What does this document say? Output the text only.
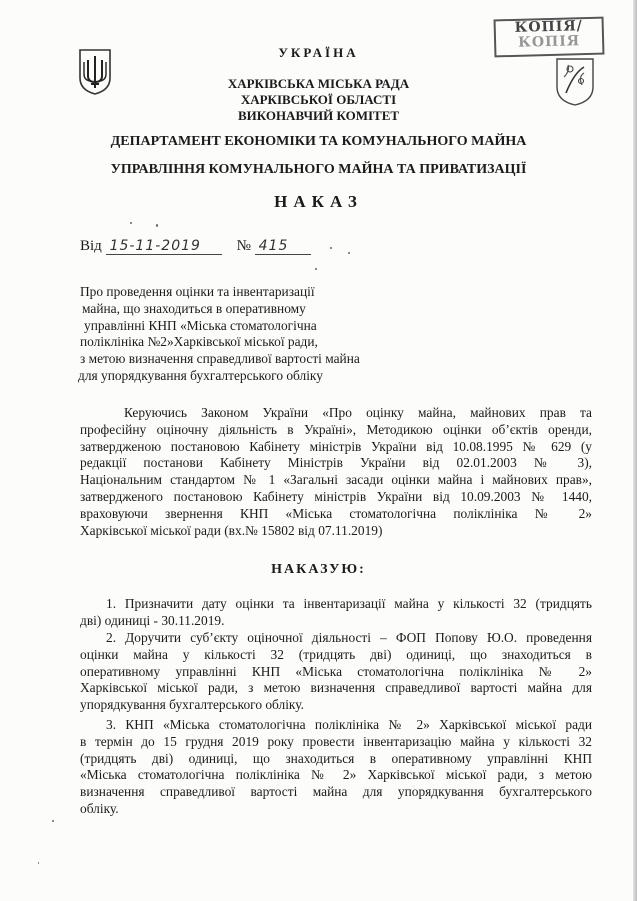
КОПІЯ/
КОПІЯ
УКРАЇНА
ХАРКІВСЬКА МІСЬКА РАДА
ХАРКІВСЬКОЇ ОБЛАСТІ
ВИКОНАВЧИЙ КОМІТЕТ
ДЕПАРТАМЕНТ ЕКОНОМІКИ ТА КОМУНАЛЬНОГО МАЙНА
УПРАВЛІННЯ КОМУНАЛЬНОГО МАЙНА ТА ПРИВАТИЗАЦІЇ
НАКАЗ
Від 15-11-2019 № 415
Про проведення оцінки та інвентаризації
майна, що знаходиться в оперативному
управлінні КНП «Міська стоматологічна
поліклініка №2»Харківської міської ради,
з метою визначення справедливої вартості майна
для упорядкування бухгалтерського обліку
Керуючись Законом України «Про оцінку майна, майнових прав та
професійну оціночну діяльність в Україні», Методикою оцінки об’єктів оренди,
затвердженою постановою Кабінету міністрів України від 10.08.1995 № 629 (у
редакції постанови Кабінету Міністрів України від 02.01.2003 № 3),
Національним стандартом № 1 «Загальні засади оцінки майна і майнових прав»,
затвердженого постановою Кабінету міністрів України від 10.09.2003 № 1440,
враховуючи звернення КНП «Міська стоматологічна поліклініка № 2»
Харківської міської ради (вх.№ 15802 від 07.11.2019)
НАКАЗУЮ:
1. Призначити дату оцінки та інвентаризації майна у кількості 32 (тридцять
дві) одиниці - 30.11.2019.
2. Доручити суб’єкту оціночної діяльності – ФОП Попову Ю.О. проведення
оцінки майна у кількості 32 (тридцять дві) одиниці, що знаходиться в
оперативному управлінні КНП «Міська стоматологічна поліклініка № 2»
Харківської міської ради, з метою визначення справедливої вартості майна для
упорядкування бухгалтерського обліку.
3. КНП «Міська стоматологічна поліклініка № 2» Харківської міської ради
в термін до 15 грудня 2019 року провести інвентаризацію майна у кількості 32
(тридцять дві) одиниці, що знаходиться в оперативному управлінні КНП
«Міська стоматологічна поліклініка № 2» Харківської міської ради, з метою
визначення справедливої вартості майна для упорядкування бухгалтерського
обліку.
